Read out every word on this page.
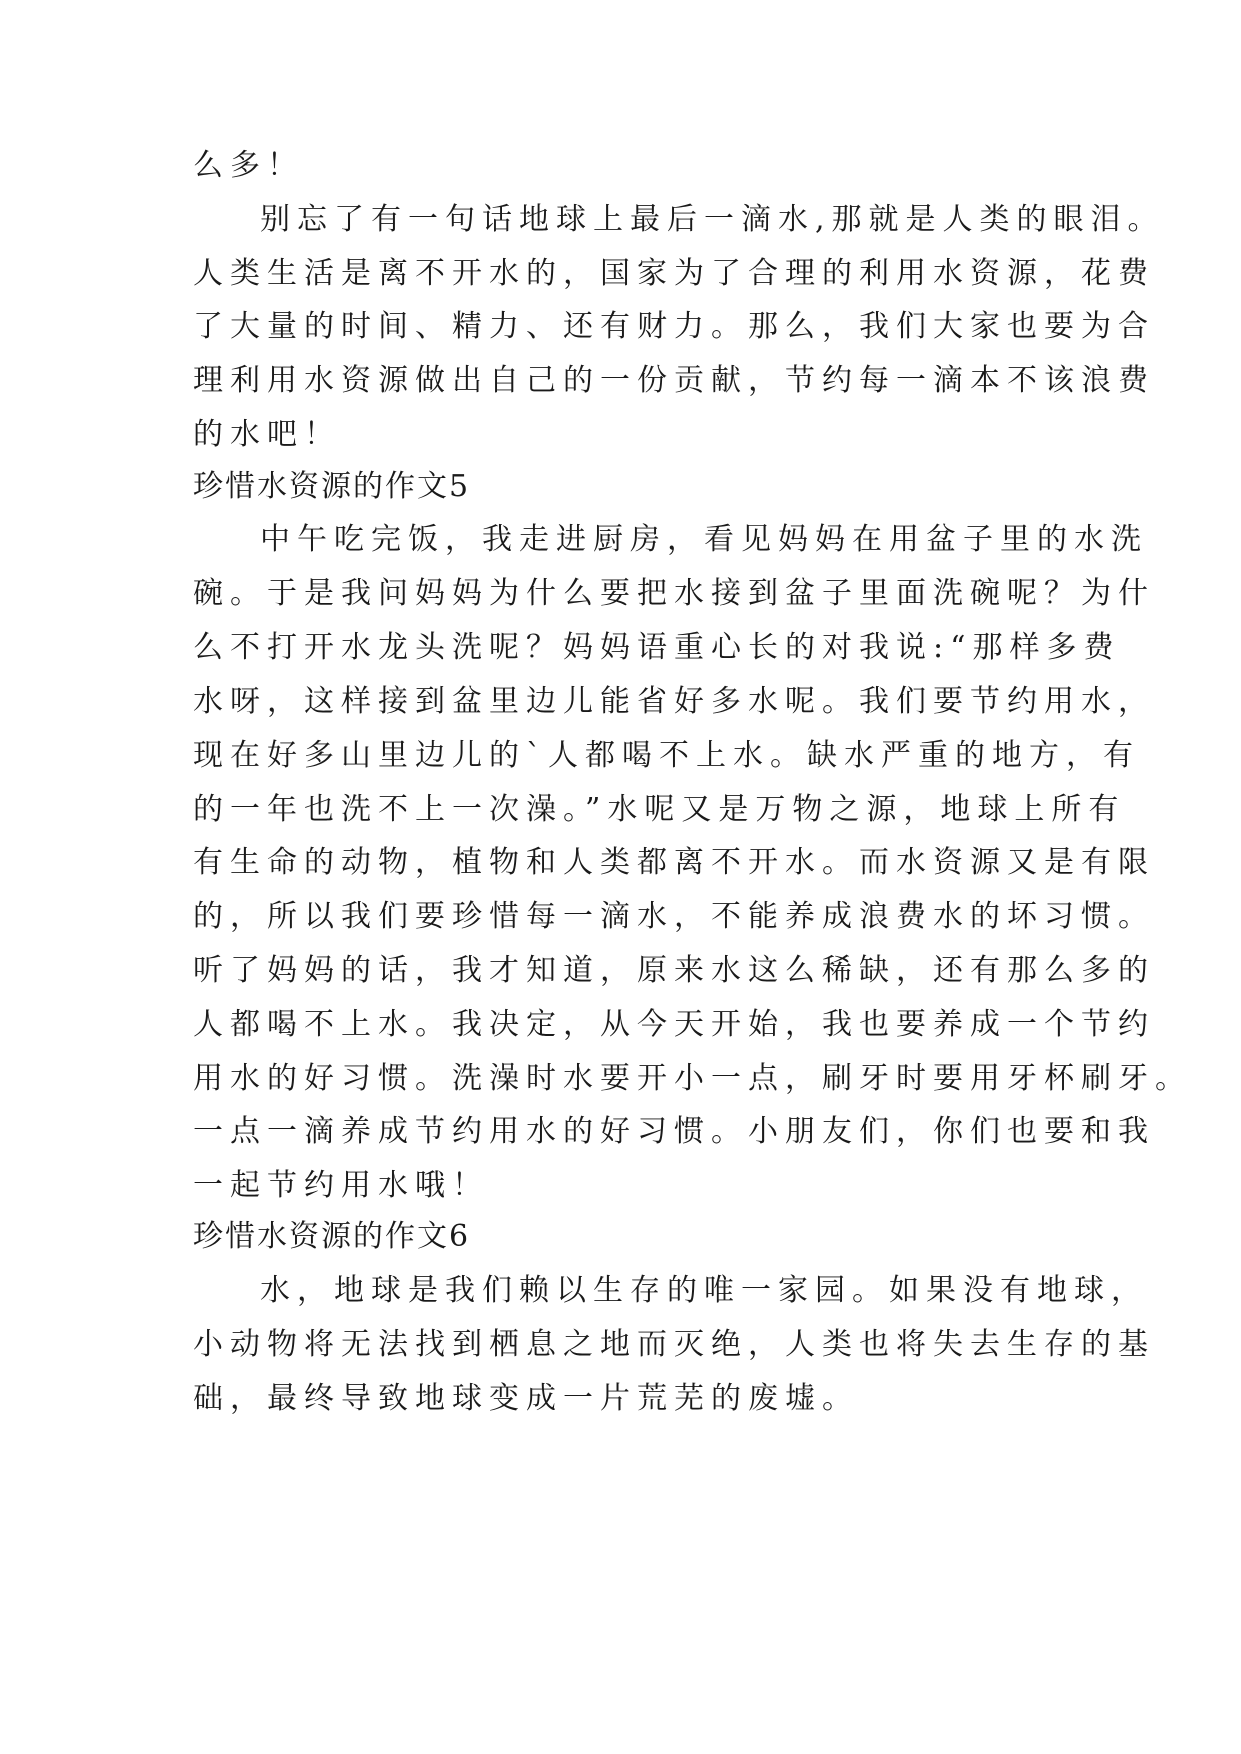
么多！
别忘了有一句话地球上最后一滴水,那就是人类的眼泪。
人类生活是离不开水的，国家为了合理的利用水资源，花费
了大量的时间、精力、还有财力。那么，我们大家也要为合
理利用水资源做出自己的一份贡献，节约每一滴本不该浪费
的水吧！
珍惜水资源的作文5
中午吃完饭，我走进厨房，看见妈妈在用盆子里的水洗
碗。于是我问妈妈为什么要把水接到盆子里面洗碗呢？为什
么不打开水龙头洗呢？妈妈语重心长的对我说:“那样多费
水呀，这样接到盆里边儿能省好多水呢。我们要节约用水，
现在好多山里边儿的`人都喝不上水。缺水严重的地方，有
的一年也洗不上一次澡。”水呢又是万物之源，地球上所有
有生命的动物，植物和人类都离不开水。而水资源又是有限
的，所以我们要珍惜每一滴水，不能养成浪费水的坏习惯。
听了妈妈的话，我才知道，原来水这么稀缺，还有那么多的
人都喝不上水。我决定，从今天开始，我也要养成一个节约
用水的好习惯。洗澡时水要开小一点，刷牙时要用牙杯刷牙。
一点一滴养成节约用水的好习惯。小朋友们，你们也要和我
一起节约用水哦！
珍惜水资源的作文6
水，地球是我们赖以生存的唯一家园。如果没有地球，
小动物将无法找到栖息之地而灭绝，人类也将失去生存的基
础，最终导致地球变成一片荒芜的废墟。
